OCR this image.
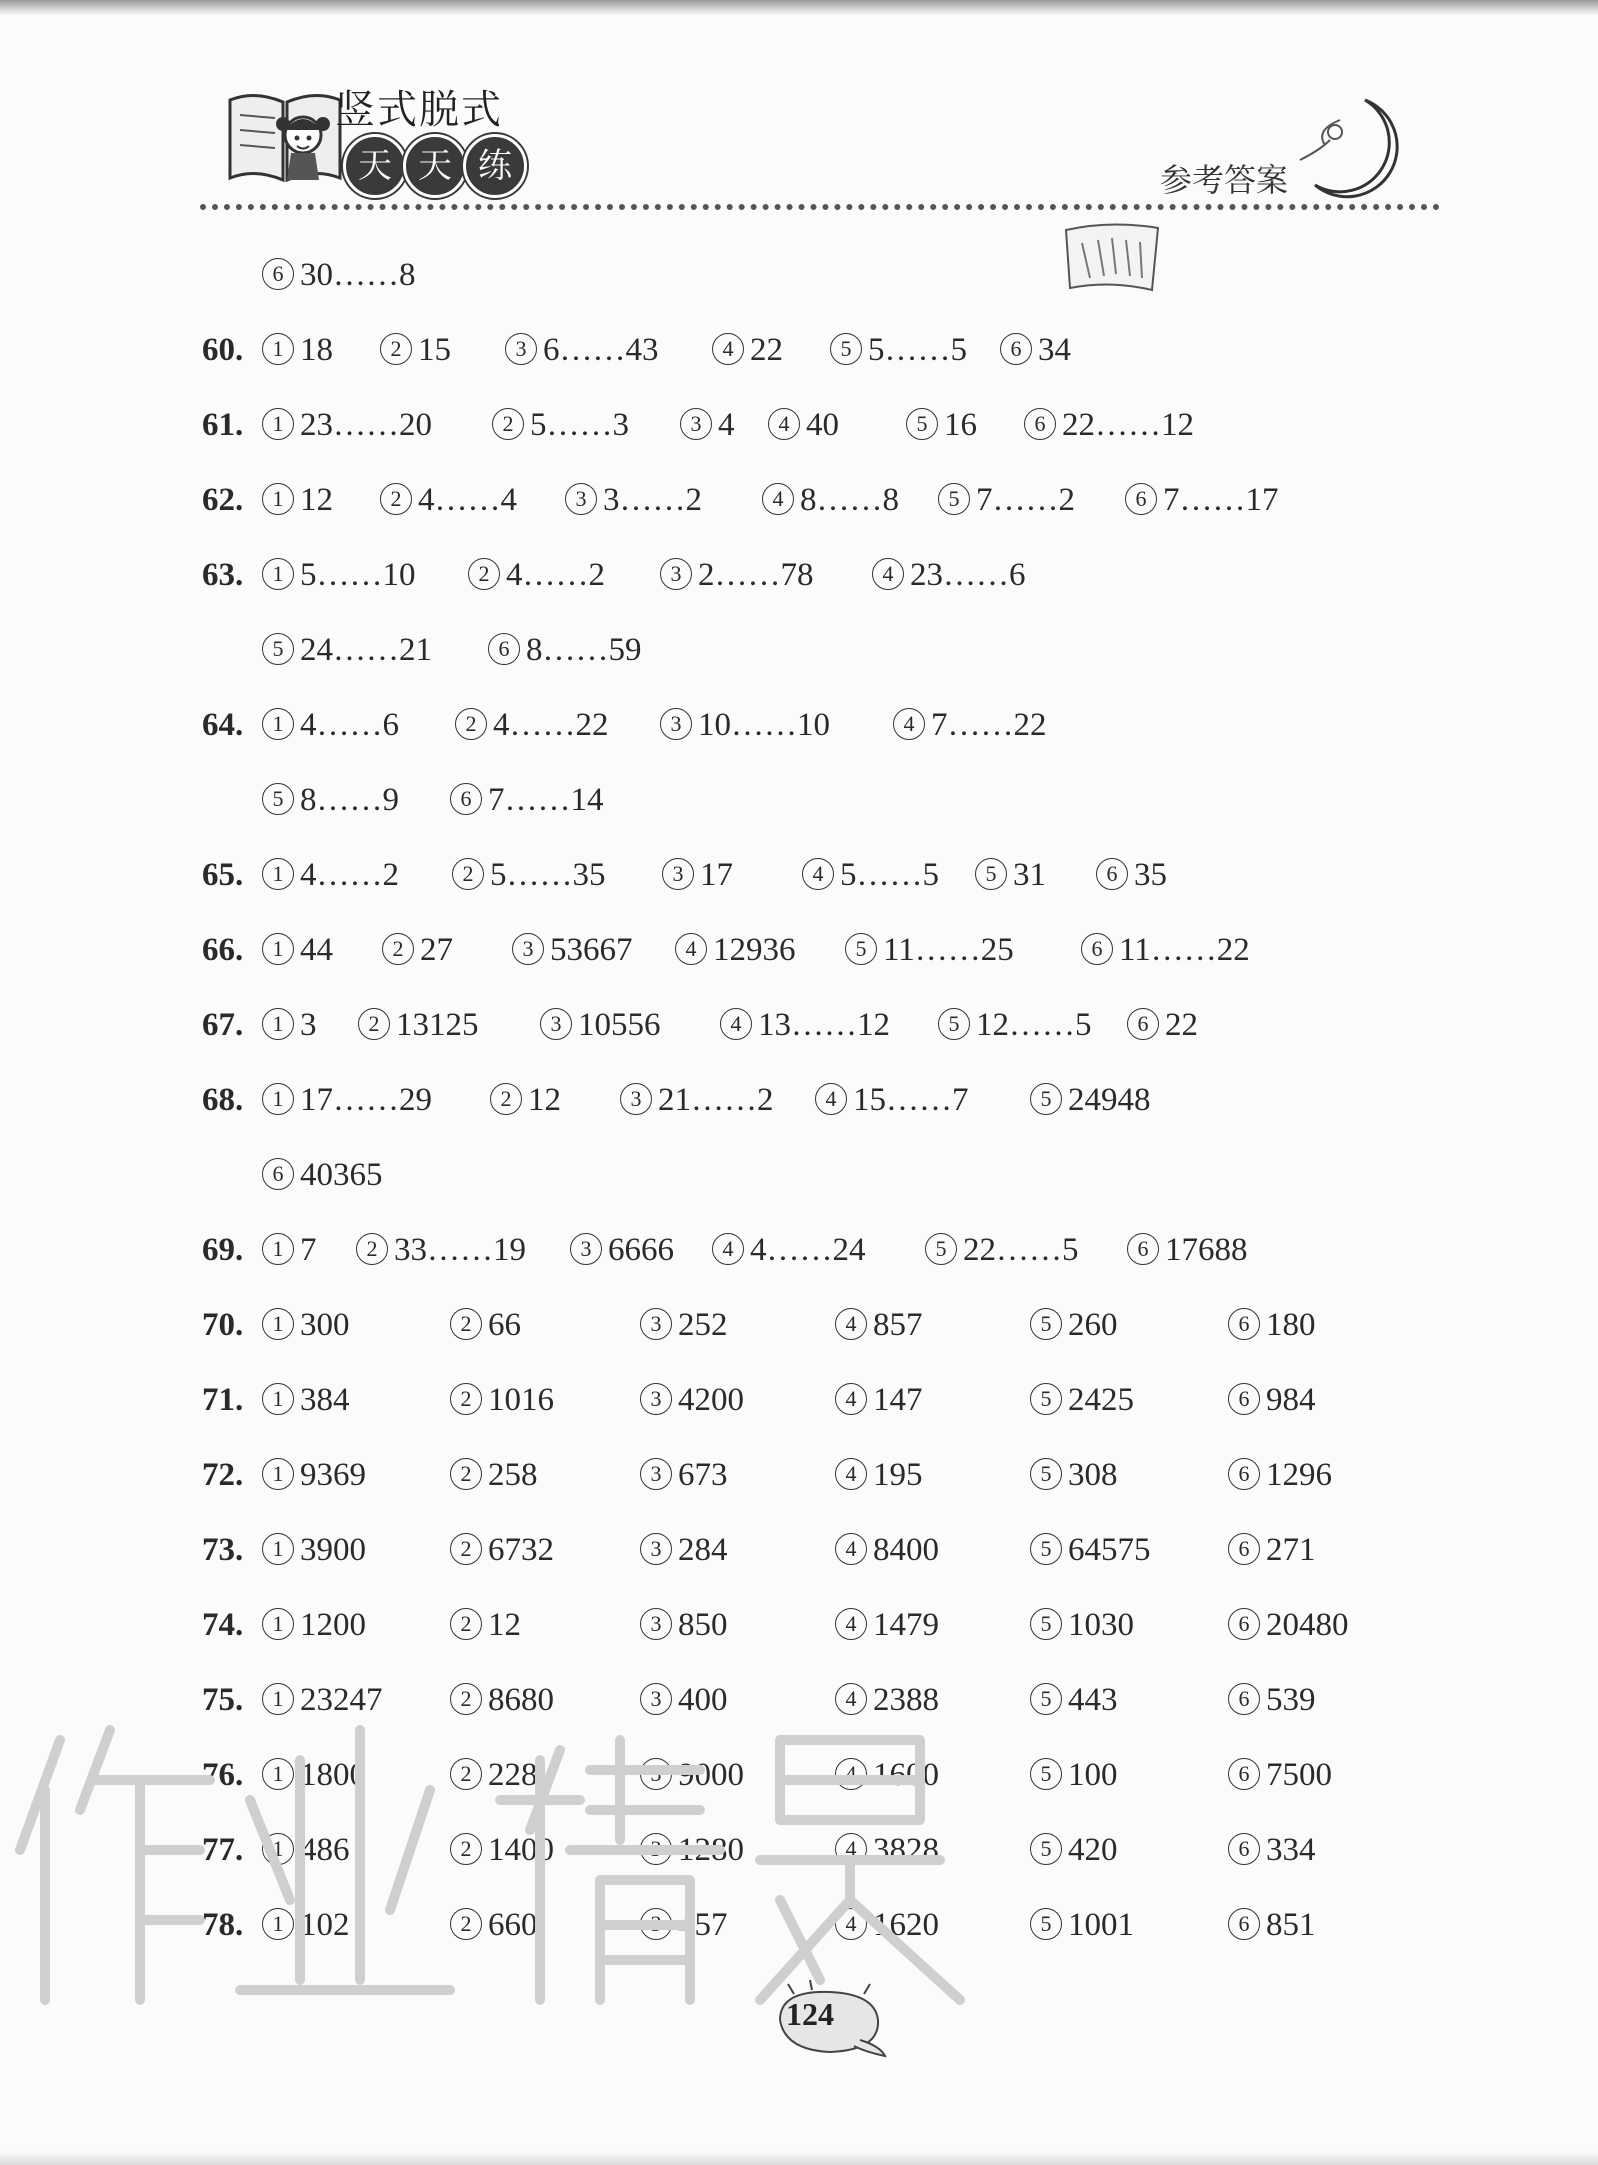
竖式脱式
天 天 练	参考答案
6 30……8
60.	1 18	2 15	3 6……43	4 22	5 5……5	6 34
61.	1 23……20	2 5……3	3 4	4 40	5 16	6 22……12
62.	1 12	2 4……4	3 3……2	4 8……8	5 7……2	6 7……17
63.	1 5……10	2 4……2	3 2……78	4 23……6
5 24……21	6 8……59
64.	1 4……6	2 4……22	3 10……10	4 7……22
5 8……9	6 7……14
65.	1 4……2	2 5……35	3 17	4 5……5	5 31	6 35
66.	1 44	2 27	3 53667	4 12936	5 11……25	6 11……22
67.	1 3	2 13125	3 10556	4 13……12	5 12……5	6 22
68.	1 17……29	2 12	3 21……2	4 15……7	5 24948
6 40365
69.	1 7	2 33……19	3 6666	4 4……24	5 22……5	6 17688
70.	1 300	2 66	3 252	4 857	5 260	6 180
71.	1 384	2 1016	3 4200	4 147	5 2425	6 984
72.	1 9369	2 258	3 673	4 195	5 308	6 1296
73.	1 3900	2 6732	3 284	4 8400	5 64575	6 271
74.	1 1200	2 12	3 850	4 1479	5 1030	6 20480
75.	1 23247	2 8680	3 400	4 2388	5 443	6 539
76.	1 1800	2 228	3 9000	4 1600	5 100	6 7500
77.	1 486	2 1400	3 1280	4 3828	5 420	6 334
78.	1 102	2 660	3 457	4 1620	5 1001	6 851
124
